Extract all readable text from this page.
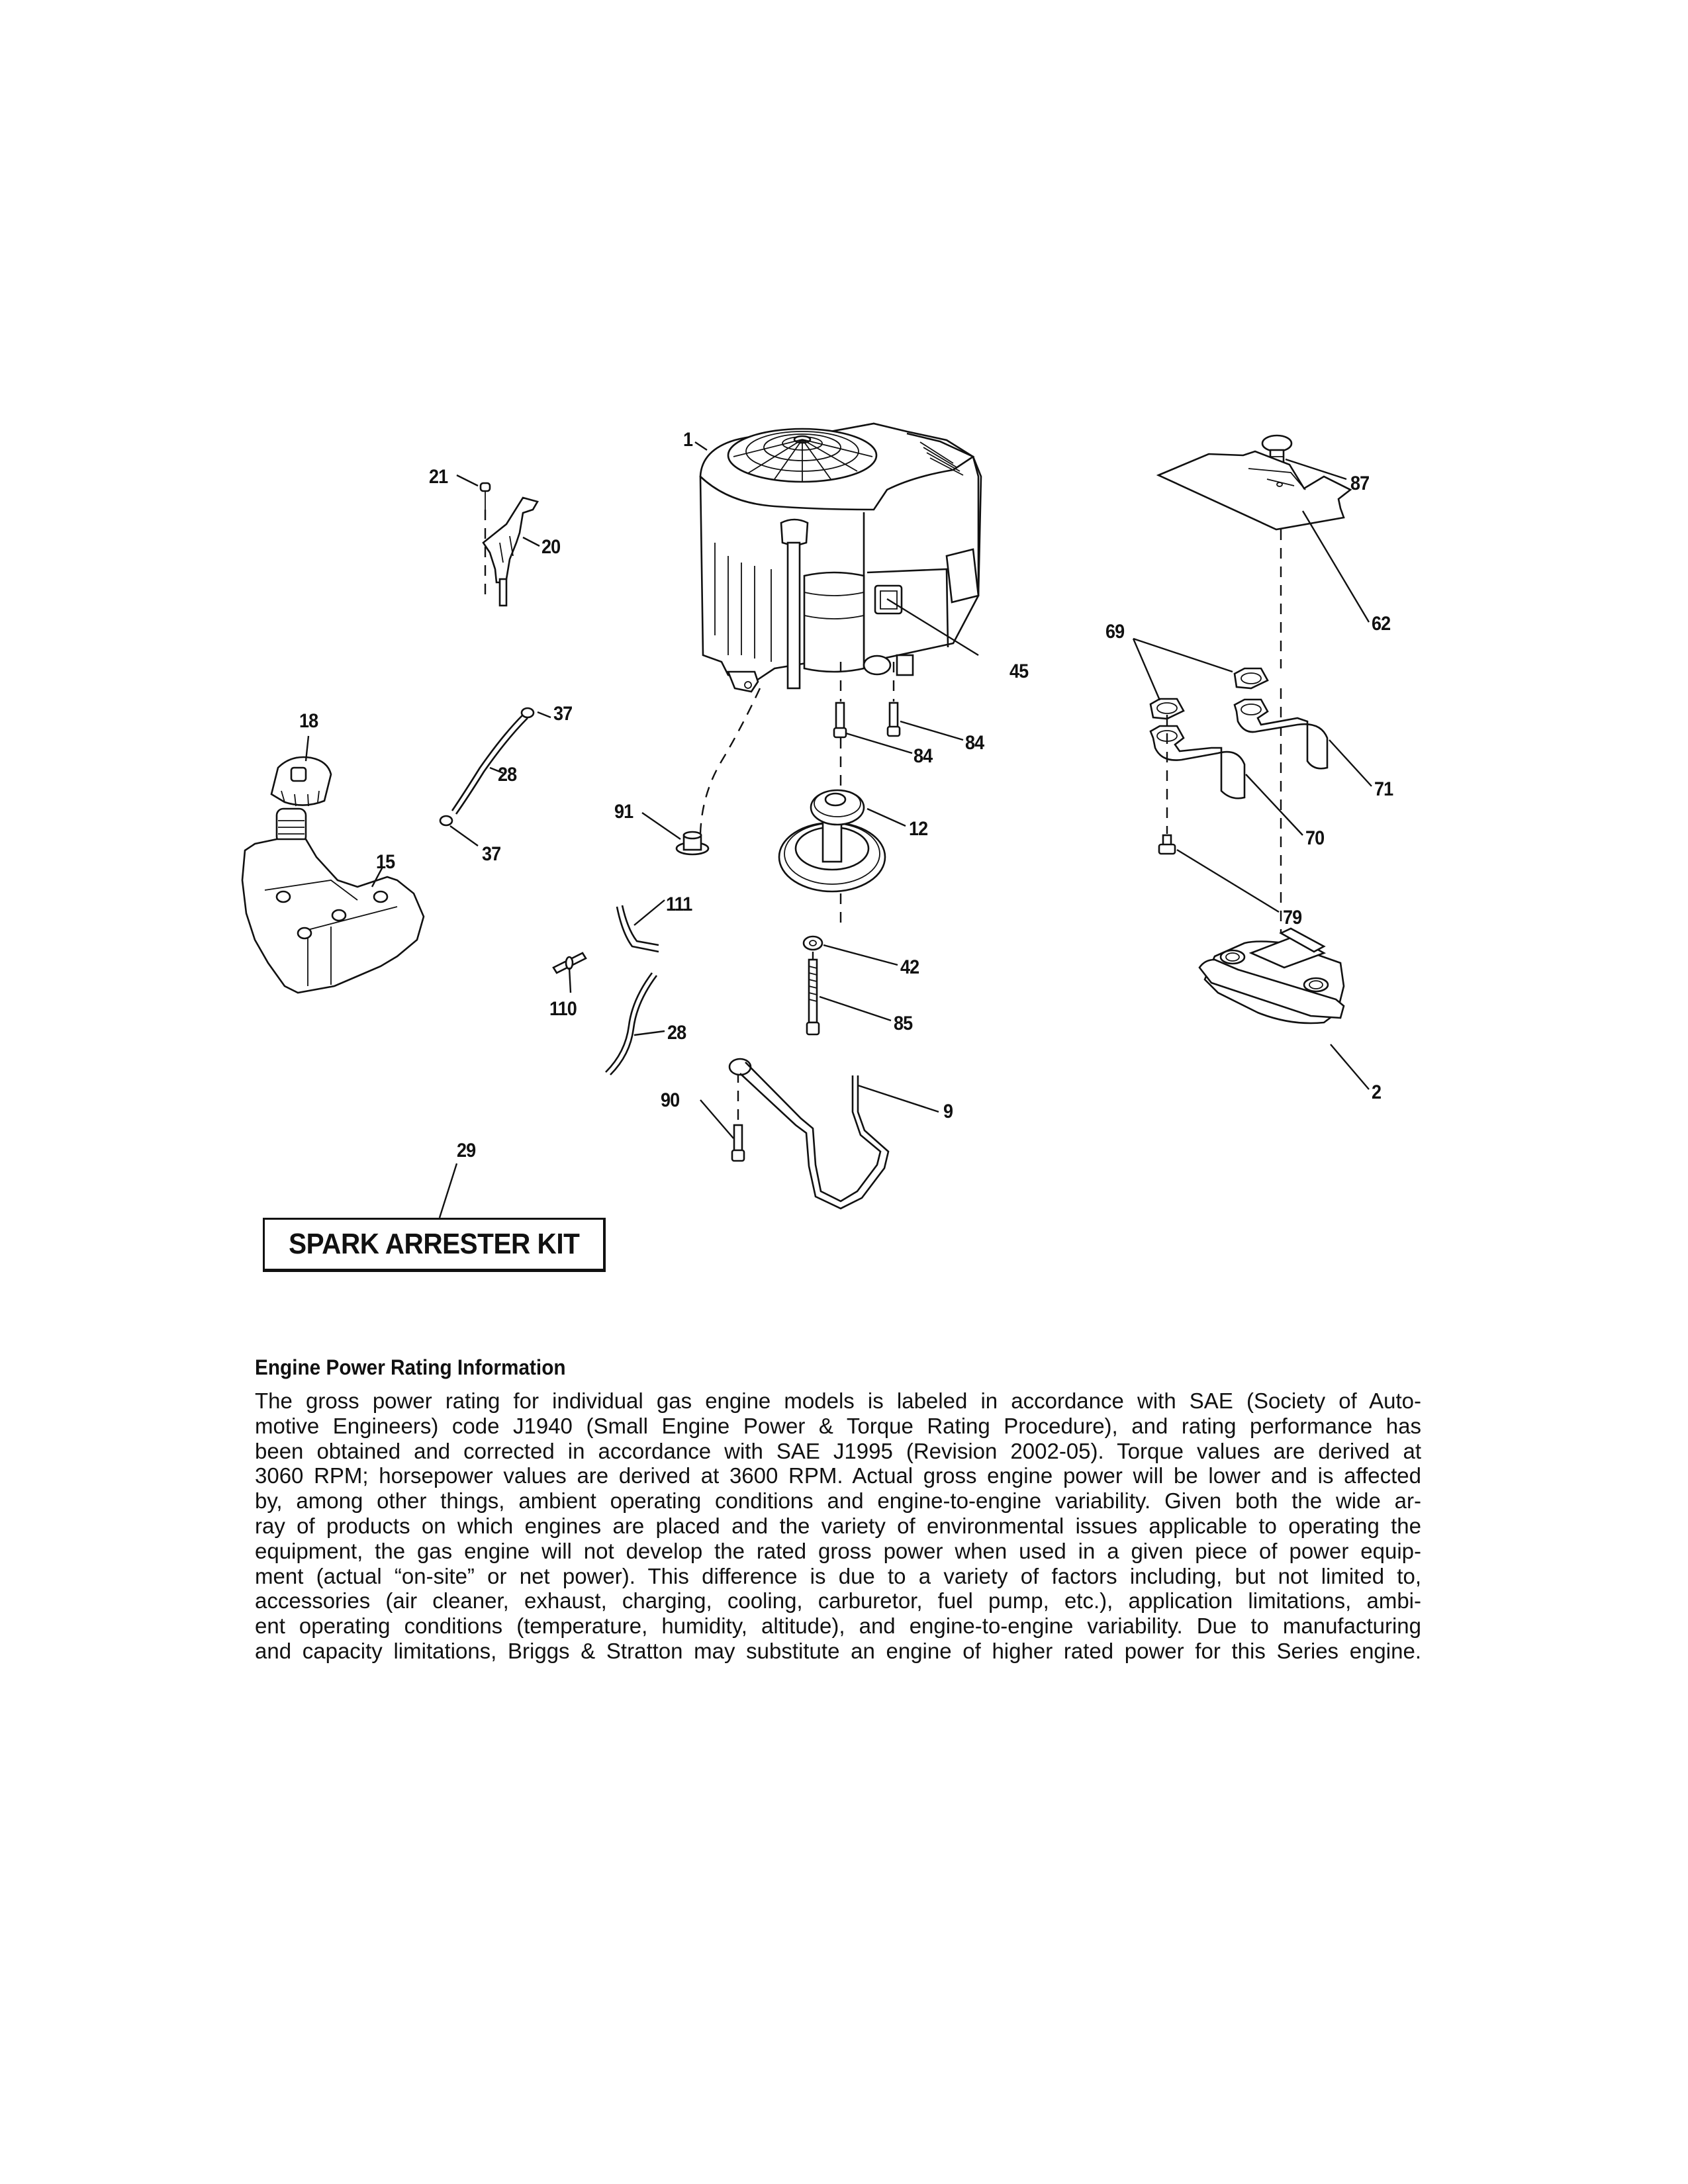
1
21
20
87
62
69
45
18	37
84
84
28
71
91
12
37
70
15
111
79
42
110
85
28
2
90
9
29
SPARK ARRESTER KIT
Engine Power Rating Information
The gross power rating for individual gas engine models is labeled in accordance with SAE (Society of Auto-
motive Engineers) code J1940 (Small Engine Power & Torque Rating Procedure), and rating performance has
been obtained and corrected in accordance with SAE J1995 (Revision 2002-05). Torque values are derived at
3060 RPM; horsepower values are derived at 3600 RPM. Actual gross engine power will be lower and is affected
by, among other things, ambient operating conditions and engine-to-engine variability. Given both the wide ar-
ray of products on which engines are placed and the variety of environmental issues applicable to operating the
equipment, the gas engine will not develop the rated gross power when used in a given piece of power equip-
ment (actual “on-site” or net power). This difference is due to a variety of factors including, but not limited to,
accessories (air cleaner, exhaust, charging, cooling, carburetor, fuel pump, etc.), application limitations, ambi-
ent operating conditions (temperature, humidity, altitude), and engine-to-engine variability. Due to manufacturing
and capacity limitations, Briggs & Stratton may substitute an engine of higher rated power for this Series engine.
